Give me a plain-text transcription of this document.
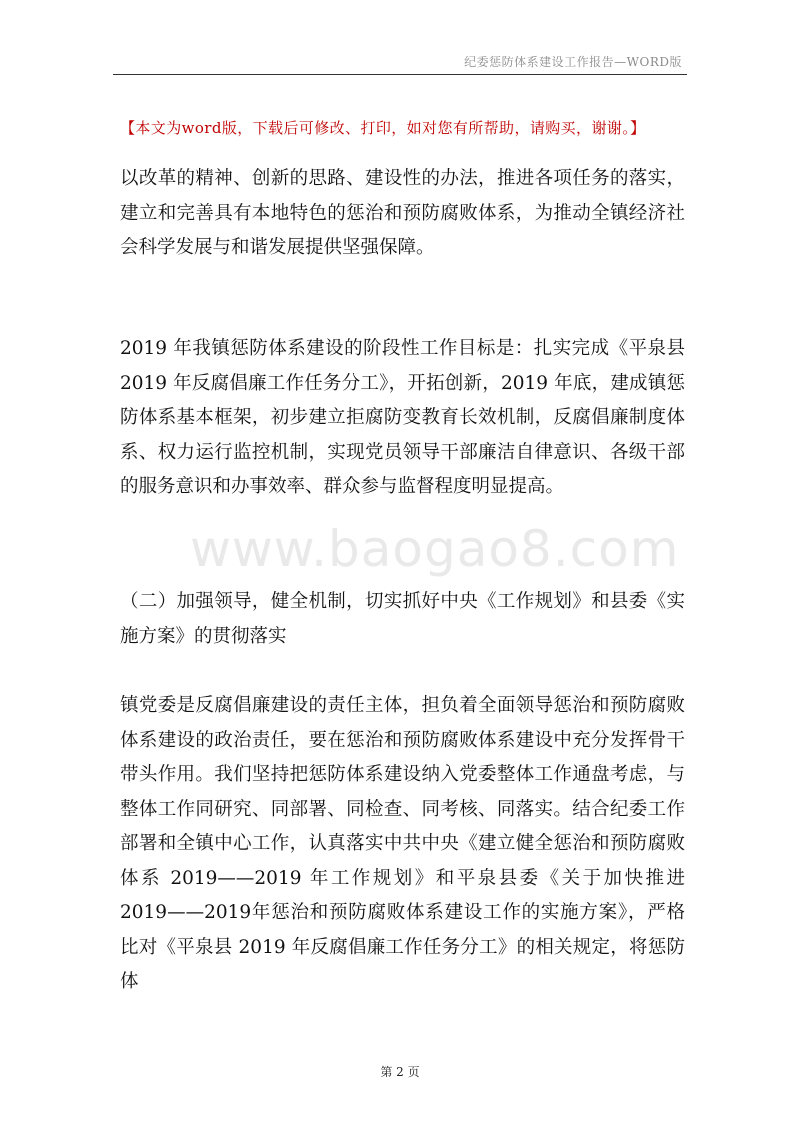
纪委惩防体系建设工作报告—WORD版
【本文为word版，下载后可修改、打印，如对您有所帮助，请购买，谢谢。】

以改革的精神、创新的思路、建设性的办法，推进各项任务的落实，建立和完善具有本地特色的惩治和预防腐败体系，为推动全镇经济社会科学发展与和谐发展提供坚强保障。

2019 年我镇惩防体系建设的阶段性工作目标是：扎实完成《平泉县 2019 年反腐倡廉工作任务分工》，开拓创新，2019 年底，建成镇惩防体系基本框架，初步建立拒腐防变教育长效机制，反腐倡廉制度体系、权力运行监控机制，实现党员领导干部廉洁自律意识、各级干部的服务意识和办事效率、群众参与监督程度明显提高。

www.baogao8.com

（二）加强领导，健全机制，切实抓好中央《工作规划》和县委《实施方案》的贯彻落实

镇党委是反腐倡廉建设的责任主体，担负着全面领导惩治和预防腐败体系建设的政治责任，要在惩治和预防腐败体系建设中充分发挥骨干带头作用。我们坚持把惩防体系建设纳入党委整体工作通盘考虑，与整体工作同研究、同部署、同检查、同考核、同落实。结合纪委工作部署和全镇中心工作，认真落实中共中央《建立健全惩治和预防腐败体系 2019——2019 年工作规划》和平泉县委《关于加快推进 2019——2019年惩治和预防腐败体系建设工作的实施方案》，严格比对《平泉县 2019 年反腐倡廉工作任务分工》的相关规定，将惩防体

第 2 页
